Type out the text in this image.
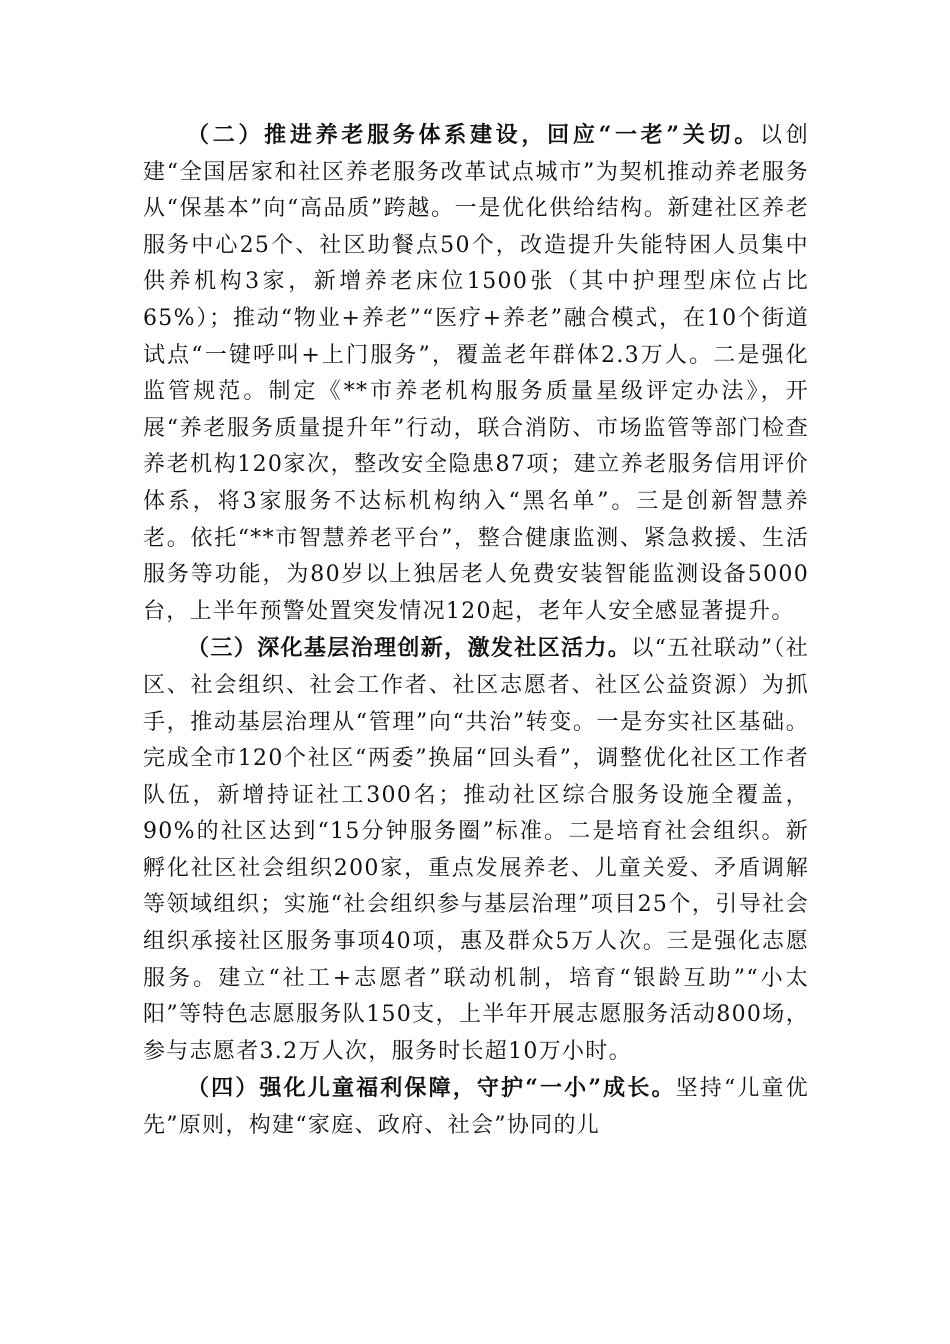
（二）推进养老服务体系建设，回应“一老”关切。以创建“全国居家和社区养老服务改革试点城市”为契机推动养老服务从“保基本”向“高品质”跨越。一是优化供给结构。新建社区养老服务中心25个、社区助餐点50个，改造提升失能特困人员集中供养机构3家，新增养老床位1500张（其中护理型床位占比65%）；推动“物业+养老”“医疗+养老”融合模式，在10个街道试点“一键呼叫+上门服务”，覆盖老年群体2.3万人。二是强化监管规范。制定《**市养老机构服务质量星级评定办法》，开展“养老服务质量提升年”行动，联合消防、市场监管等部门检查养老机构120家次，整改安全隐患87项；建立养老服务信用评价体系，将3家服务不达标机构纳入“黑名单”。三是创新智慧养老。依托“**市智慧养老平台”，整合健康监测、紧急救援、生活服务等功能，为80岁以上独居老人免费安装智能监测设备5000台，上半年预警处置突发情况120起，老年人安全感显著提升。

（三）深化基层治理创新，激发社区活力。以“五社联动”（社区、社会组织、社会工作者、社区志愿者、社区公益资源）为抓手，推动基层治理从“管理”向“共治”转变。一是夯实社区基础。完成全市120个社区“两委”换届“回头看”，调整优化社区工作者队伍，新增持证社工300名；推动社区综合服务设施全覆盖，90%的社区达到“15分钟服务圈”标准。二是培育社会组织。新孵化社区社会组织200家，重点发展养老、儿童关爱、矛盾调解等领域组织；实施“社会组织参与基层治理”项目25个，引导社会组织承接社区服务事项40项，惠及群众5万人次。三是强化志愿服务。建立“社工+志愿者”联动机制，培育“银龄互助”“小太阳”等特色志愿服务队150支，上半年开展志愿服务活动800场，参与志愿者3.2万人次，服务时长超10万小时。

（四）强化儿童福利保障，守护“一小”成长。坚持“儿童优先”原则，构建“家庭、政府、社会”协同的儿
